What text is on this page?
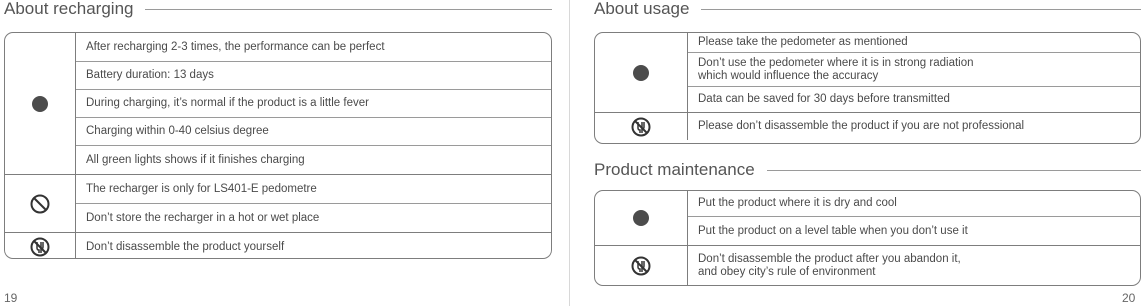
About recharging
After recharging 2-3 times, the performance can be perfect
Battery duration: 13 days
During charging, it’s normal if the product is a little fever
Charging within 0-40 celsius degree
All green lights shows if it finishes charging
The recharger is only for LS401-E pedometre
Don’t store the recharger in a hot or wet place
Don’t disassemble the product yourself
About usage
Please take the pedometer as mentioned
Don’t use the pedometer where it is in strong radiation
which would influence the accuracy
Data can be saved for 30 days before transmitted
Please don’t disassemble the product if you are not professional
Product maintenance
Put the product where it is dry and cool
Put the product on a level table when you don’t use it
Don’t disassemble the product after you abandon it,
and obey city’s rule of environment
19	20
